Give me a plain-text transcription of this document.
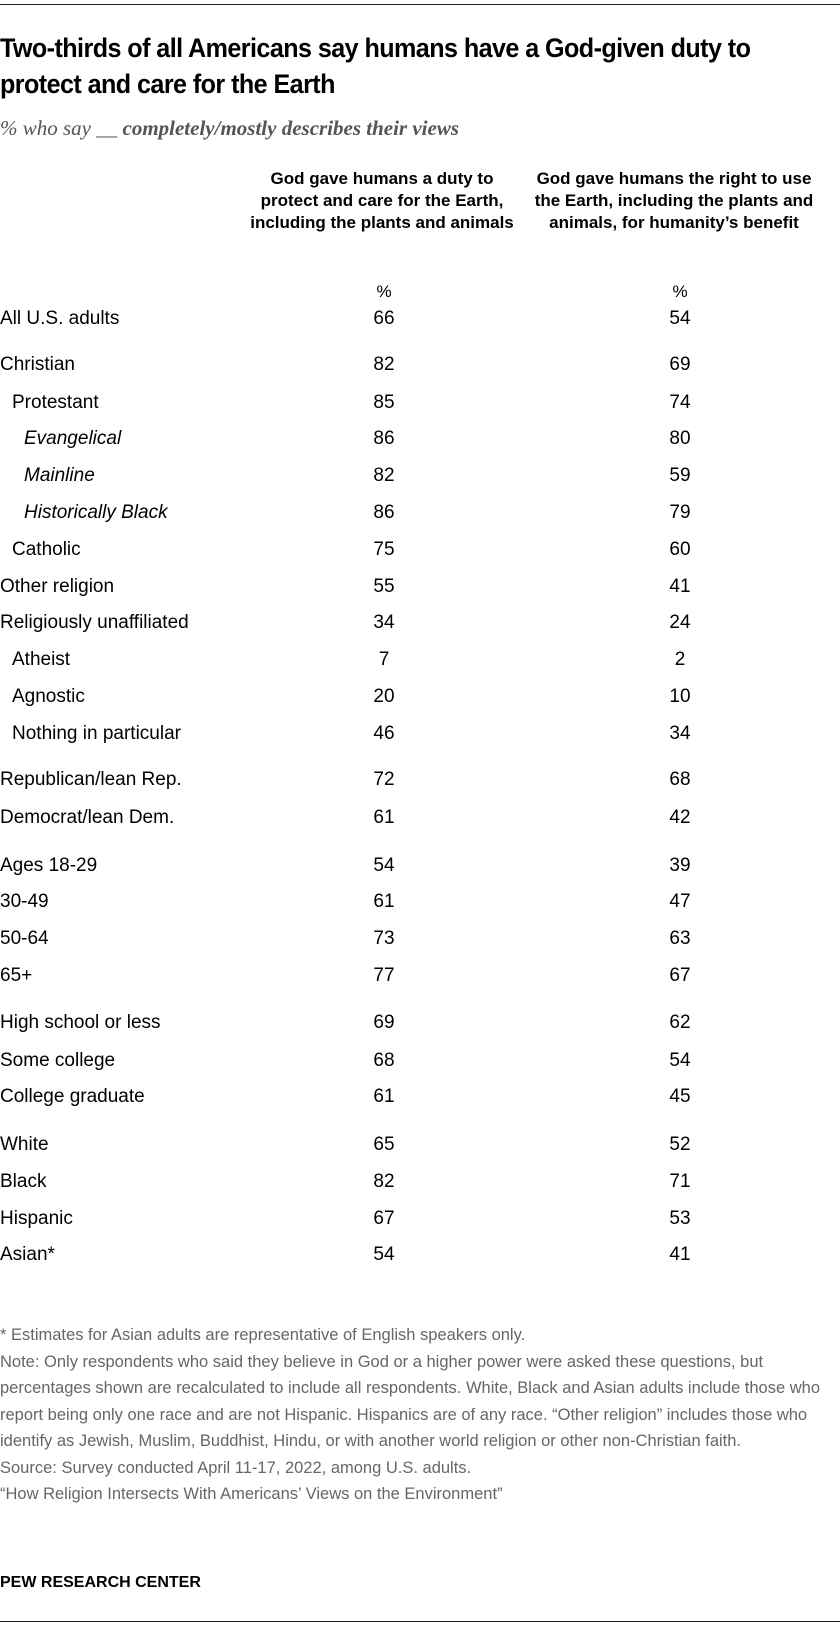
Two-thirds of all Americans say humans have a God-given duty to protect and care for the Earth
% who say __ completely/mostly describes their views
God gave humans a duty to protect and care for the Earth, including the plants and animals
God gave humans the right to use the Earth, including the plants and animals, for humanity’s benefit
%	%
All U.S. adults	66	54
Christian	82	69
Protestant	85	74
Evangelical	86	80
Mainline	82	59
Historically Black	86	79
Catholic	75	60
Other religion	55	41
Religiously unaffiliated	34	24
Atheist	7	2
Agnostic	20	10
Nothing in particular	46	34
Republican/lean Rep.	72	68
Democrat/lean Dem.	61	42
Ages 18-29	54	39
30-49	61	47
50-64	73	63
65+	77	67
High school or less	69	62
Some college	68	54
College graduate	61	45
White	65	52
Black	82	71
Hispanic	67	53
Asian*	54	41

* Estimates for Asian adults are representative of English speakers only.

Note: Only respondents who said they believe in God or a higher power were asked these questions, but percentages shown are recalculated to include all respondents. White, Black and Asian adults include those who report being only one race and are not Hispanic. Hispanics are of any race. “Other religion” includes those who identify as Jewish, Muslim, Buddhist, Hindu, or with another world religion or other non-Christian faith.

Source: Survey conducted April 11-17, 2022, among U.S. adults.

“How Religion Intersects With Americans’ Views on the Environment”

PEW RESEARCH CENTER
